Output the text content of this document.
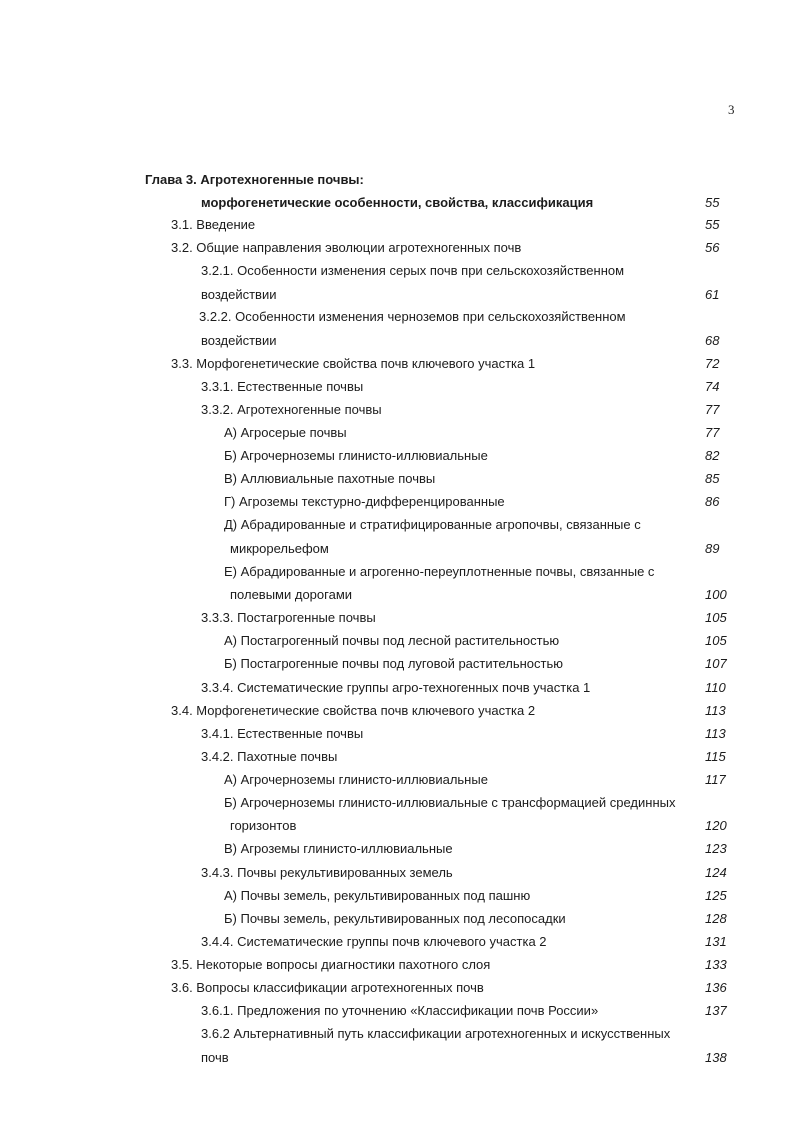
3
Глава 3. Агротехногенные почвы:
морфогенетические особенности, свойства, классификация	55
3.1. Введение	55
3.2. Общие направления эволюции агротехногенных почв	56
3.2.1. Особенности изменения серых почв при сельскохозяйственном
воздействии	61
3.2.2. Особенности изменения черноземов при сельскохозяйственном
воздействии	68
3.3. Морфогенетические свойства почв ключевого участка 1	72
3.3.1. Естественные почвы	74
3.3.2. Агротехногенные почвы	77
А) Агросерые почвы	77
Б) Агрочерноземы глинисто-иллювиальные	82
В) Аллювиальные пахотные почвы	85
Г) Агроземы текстурно-дифференцированные	86
Д) Абрадированные и стратифицированные агропочвы, связанные с
микрорельефом	89
Е) Абрадированные и агрогенно-переуплотненные почвы, связанные с
полевыми дорогами	100
3.3.3. Постагрогенные почвы	105
А) Постагрогенный почвы под лесной растительностью	105
Б) Постагрогенные почвы под луговой растительностью	107
3.3.4. Систематические группы агро-техногенных почв участка 1	110
3.4. Морфогенетические свойства почв ключевого участка 2	113
3.4.1. Естественные почвы	113
3.4.2. Пахотные почвы	115
А) Агрочерноземы глинисто-иллювиальные	117
Б) Агрочерноземы глинисто-иллювиальные с трансформацией срединных
горизонтов	120
В) Агроземы глинисто-иллювиальные	123
3.4.3. Почвы рекультивированных земель	124
А) Почвы земель, рекультивированных под пашню	125
Б) Почвы земель, рекультивированных под лесопосадки	128
3.4.4. Систематические группы почв ключевого участка 2	131
3.5. Некоторые вопросы диагностики пахотного слоя	133
3.6. Вопросы классификации агротехногенных почв	136
3.6.1. Предложения по уточнению «Классификации почв России»	137
3.6.2 Альтернативный путь классификации агротехногенных и искусственных
почв	138
